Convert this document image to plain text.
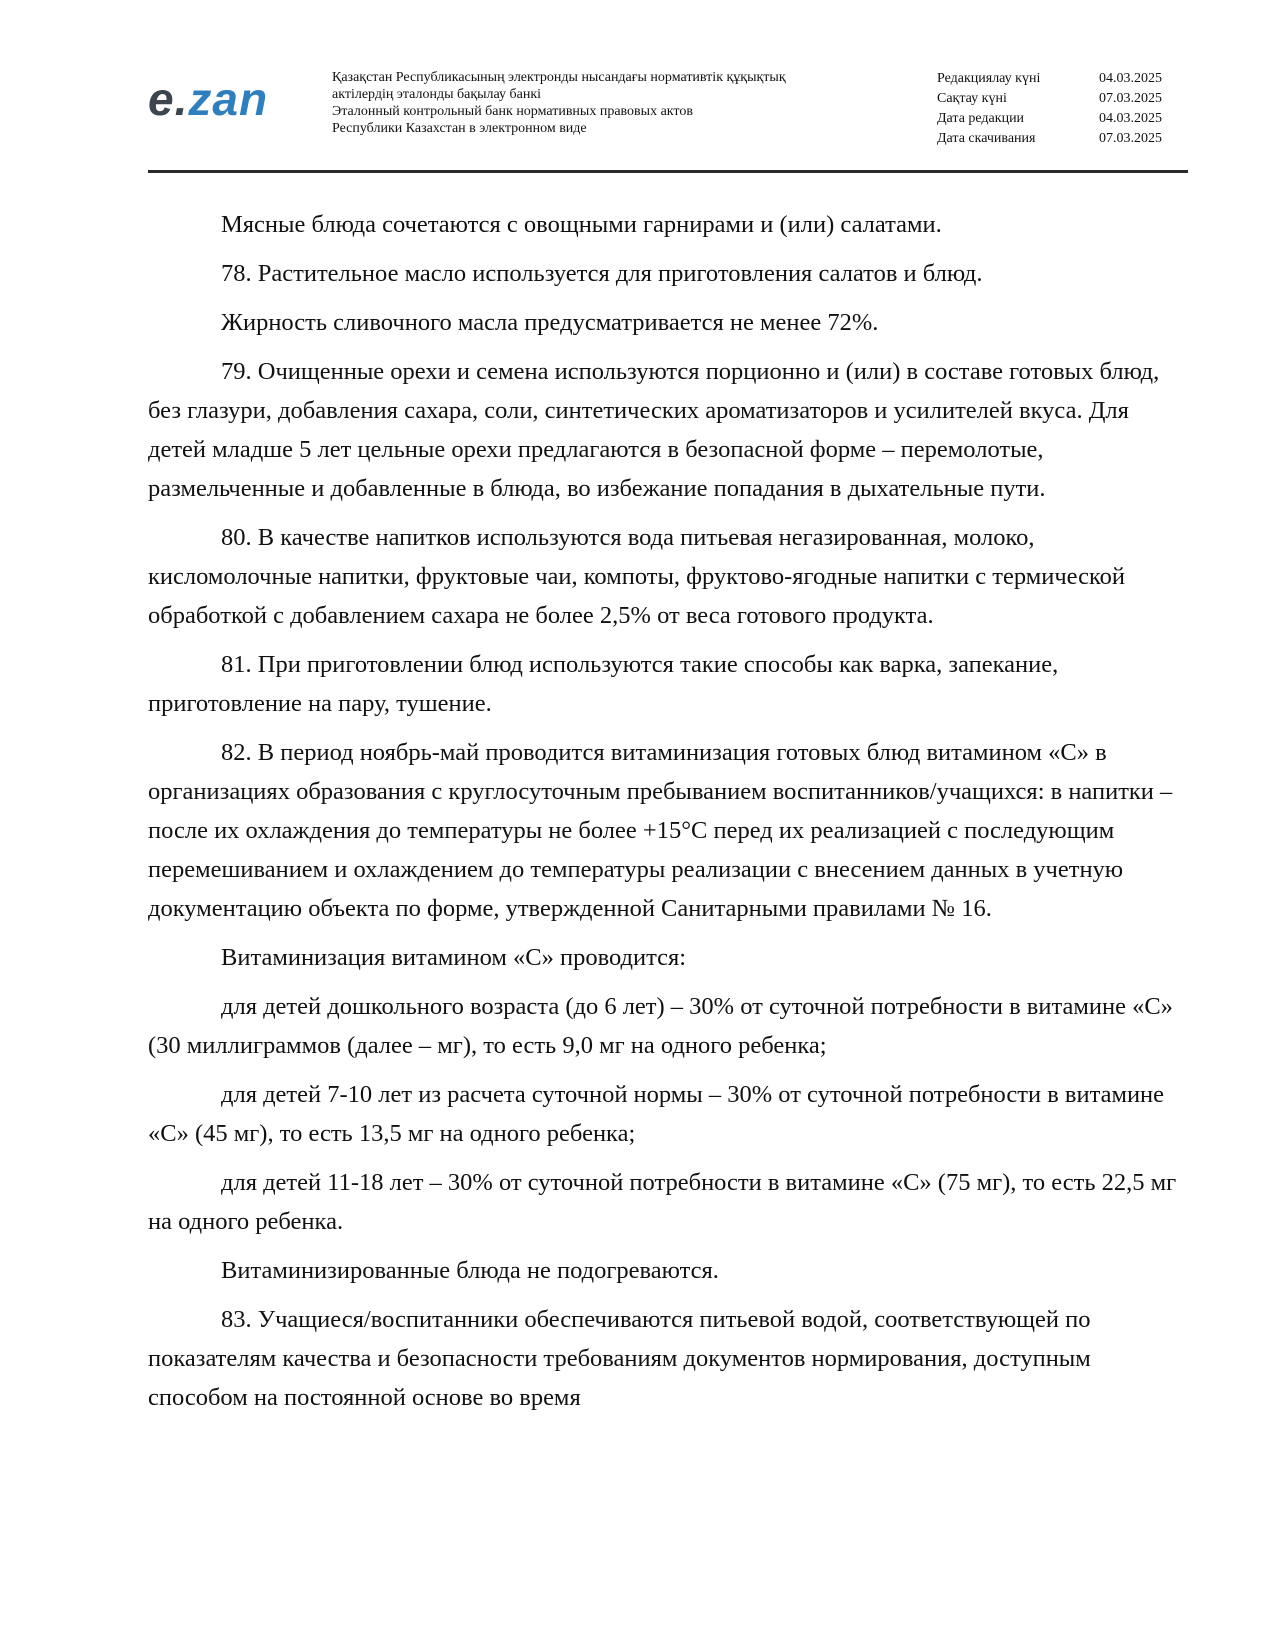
e.zan	Қазақстан Республикасының электронды нысандағы нормативтік құқықтық
актілердің эталонды бақылау банкі
Эталонный контрольный банк нормативных правовых актов
Республики Казахстан в электронном виде
Редакциялау күні	04.03.2025
Сақтау күні	07.03.2025
Дата редакции	04.03.2025
Дата скачивания	07.03.2025

Мясные блюда сочетаются с овощными гарнирами и (или) салатами.

78. Растительное масло используется для приготовления салатов и блюд.

Жирность сливочного масла предусматривается не менее 72%.

79. Очищенные орехи и семена используются порционно и (или) в составе готовых блюд, без глазури, добавления сахара, соли, синтетических ароматизаторов и усилителей вкуса. Для детей младше 5 лет цельные орехи предлагаются в безопасной форме – перемолотые, размельченные и добавленные в блюда, во избежание попадания в дыхательные пути.

80. В качестве напитков используются вода питьевая негазированная, молоко, кисломолочные напитки, фруктовые чаи, компоты, фруктово-ягодные напитки с термической обработкой с добавлением сахара не более 2,5% от веса готового продукта.

81. При приготовлении блюд используются такие способы как варка, запекание, приготовление на пару, тушение.

82. В период ноябрь-май проводится витаминизация готовых блюд витамином «С» в организациях образования с круглосуточным пребыванием воспитанников/учащихся: в напитки – после их охлаждения до температуры не более +15°С перед их реализацией с последующим перемешиванием и охлаждением до температуры реализации с внесением данных в учетную документацию объекта по форме, утвержденной Санитарными правилами № 16.

Витаминизация витамином «С» проводится:

для детей дошкольного возраста (до 6 лет) – 30% от суточной потребности в витамине «С» (30 миллиграммов (далее – мг), то есть 9,0 мг на одного ребенка;

для детей 7-10 лет из расчета суточной нормы – 30% от суточной потребности в витамине «С» (45 мг), то есть 13,5 мг на одного ребенка;

для детей 11-18 лет – 30% от суточной потребности в витамине «С» (75 мг), то есть 22,5 мг на одного ребенка.

Витаминизированные блюда не подогреваются.

83. Учащиеся/воспитанники обеспечиваются питьевой водой, соответствующей по показателям качества и безопасности требованиям документов нормирования, доступным способом на постоянной основе во время
